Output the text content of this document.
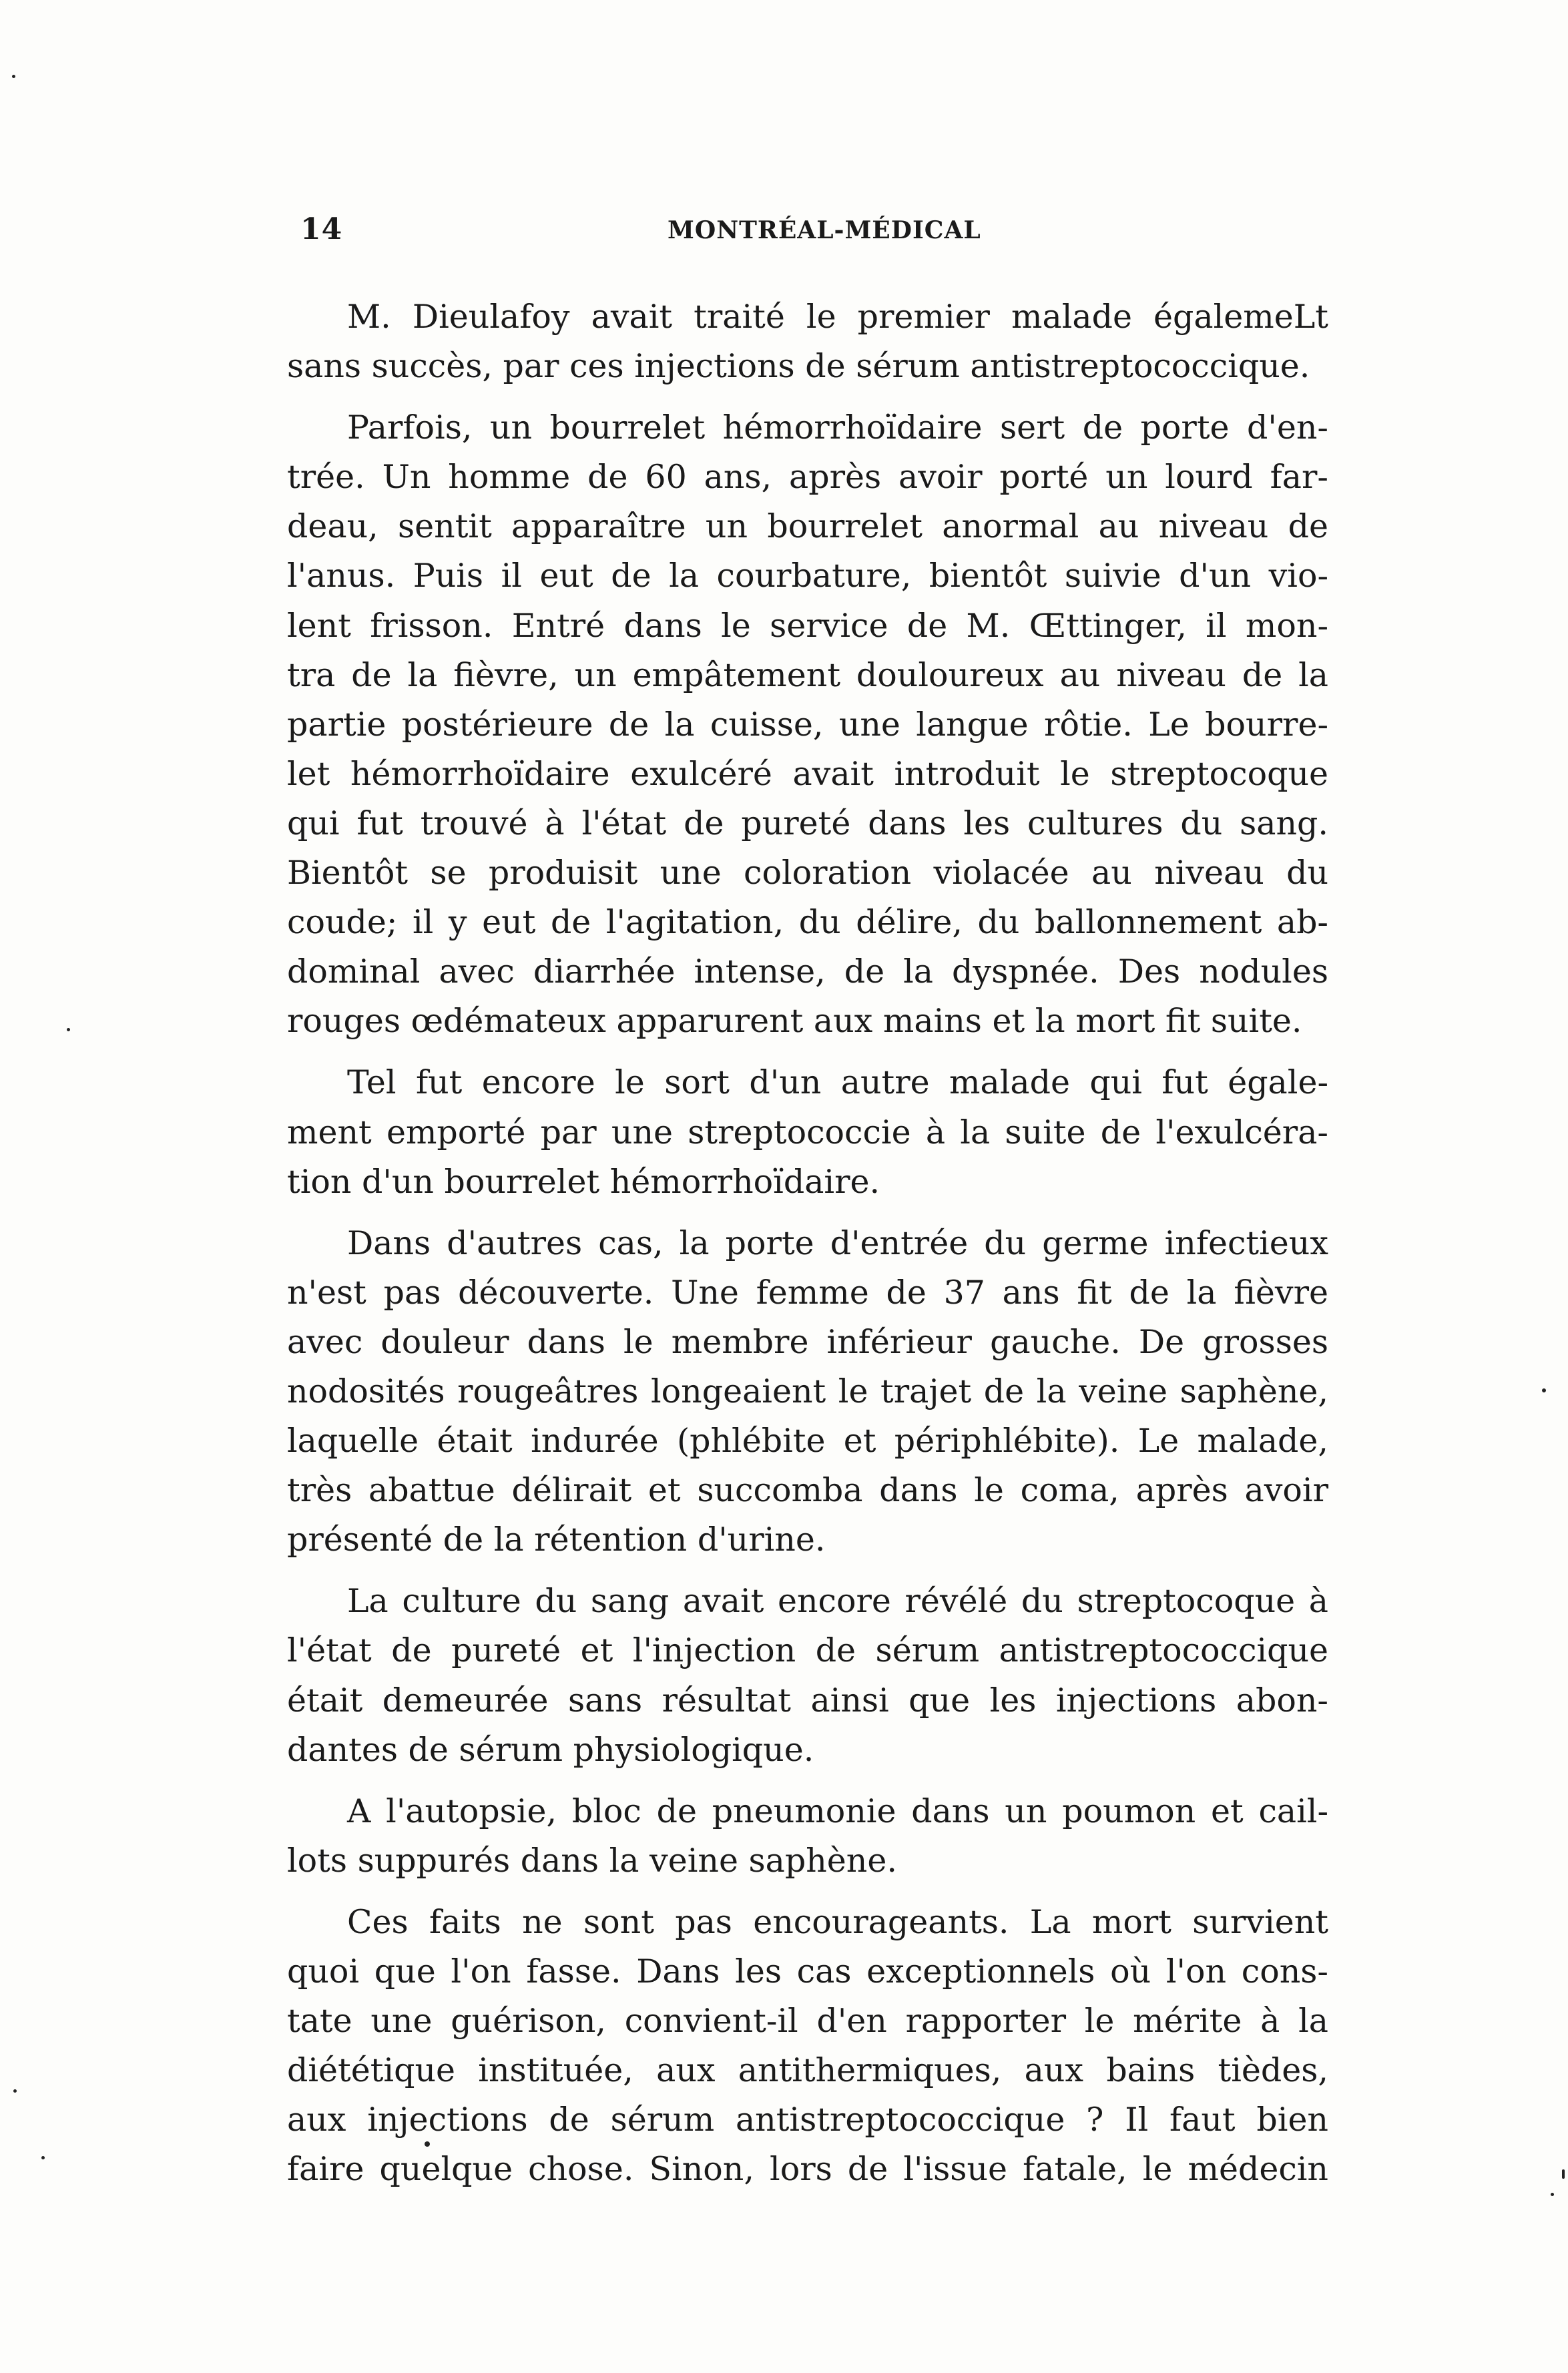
14	MONTRÉAL-MÉDICAL
M. Dieulafoy avait traité le premier malade égalemeLt
sans succès, par ces injections de sérum antistreptococcique.
Parfois, un bourrelet hémorrhoïdaire sert de porte d'en-
trée. Un homme de 60 ans, après avoir porté un lourd far-
deau, sentit apparaître un bourrelet anormal au niveau de
l'anus. Puis il eut de la courbature, bientôt suivie d'un vio-
lent frisson. Entré dans le service de M. Œttinger, il mon-
tra de la fièvre, un empâtement douloureux au niveau de la
partie postérieure de la cuisse, une langue rôtie. Le bourre-
let hémorrhoïdaire exulcéré avait introduit le streptocoque
qui fut trouvé à l'état de pureté dans les cultures du sang.
Bientôt se produisit une coloration violacée au niveau du
coude; il y eut de l'agitation, du délire, du ballonnement ab-
dominal avec diarrhée intense, de la dyspnée. Des nodules
rouges œdémateux apparurent aux mains et la mort fit suite.
Tel fut encore le sort d'un autre malade qui fut égale-
ment emporté par une streptococcie à la suite de l'exulcéra-
tion d'un bourrelet hémorrhoïdaire.
Dans d'autres cas, la porte d'entrée du germe infectieux
n'est pas découverte. Une femme de 37 ans fit de la fièvre
avec douleur dans le membre inférieur gauche. De grosses
nodosités rougeâtres longeaient le trajet de la veine saphène,
laquelle était indurée (phlébite et périphlébite). Le malade,
très abattue délirait et succomba dans le coma, après avoir
présenté de la rétention d'urine.
La culture du sang avait encore révélé du streptocoque à
l'état de pureté et l'injection de sérum antistreptococcique
était demeurée sans résultat ainsi que les injections abon-
dantes de sérum physiologique.
A l'autopsie, bloc de pneumonie dans un poumon et cail-
lots suppurés dans la veine saphène.
Ces faits ne sont pas encourageants. La mort survient
quoi que l'on fasse. Dans les cas exceptionnels où l'on cons-
tate une guérison, convient-il d'en rapporter le mérite à la
diététique instituée, aux antithermiques, aux bains tièdes,
aux injections de sérum antistreptococcique ? Il faut bien
faire quelque chose. Sinon, lors de l'issue fatale, le médecin
